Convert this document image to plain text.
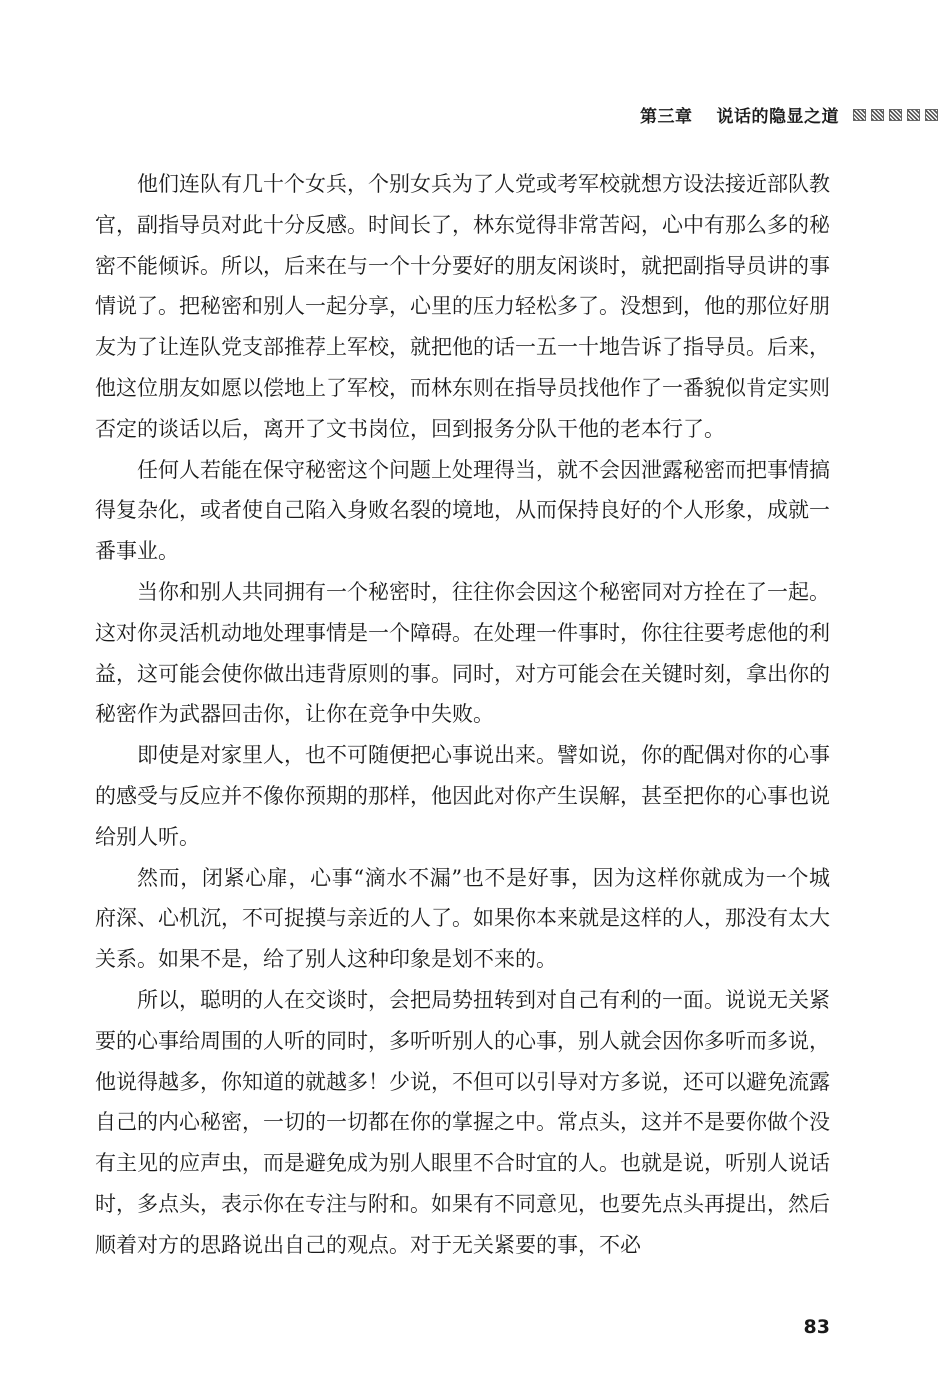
第三章 说话的隐显之道

他们连队有几十个女兵，个别女兵为了人党或考军校就想方设法接近部队教官，副指导员对此十分反感。时间长了，林东觉得非常苦闷，心中有那么多的秘密不能倾诉。所以，后来在与一个十分要好的朋友闲谈时，就把副指导员讲的事情说了。把秘密和别人一起分享，心里的压力轻松多了。没想到，他的那位好朋友为了让连队党支部推荐上军校，就把他的话一五一十地告诉了指导员。后来，他这位朋友如愿以偿地上了军校，而林东则在指导员找他作了一番貌似肯定实则否定的谈话以后，离开了文书岗位，回到报务分队干他的老本行了。

任何人若能在保守秘密这个问题上处理得当，就不会因泄露秘密而把事情搞得复杂化，或者使自己陷入身败名裂的境地，从而保持良好的个人形象，成就一番事业。

当你和别人共同拥有一个秘密时，往往你会因这个秘密同对方拴在了一起。这对你灵活机动地处理事情是一个障碍。在处理一件事时，你往往要考虑他的利益，这可能会使你做出违背原则的事。同时，对方可能会在关键时刻，拿出你的秘密作为武器回击你，让你在竞争中失败。

即使是对家里人，也不可随便把心事说出来。譬如说，你的配偶对你的心事的感受与反应并不像你预期的那样，他因此对你产生误解，甚至把你的心事也说给别人听。

然而，闭紧心扉，心事“滴水不漏”也不是好事，因为这样你就成为一个城府深、心机沉，不可捉摸与亲近的人了。如果你本来就是这样的人，那没有太大关系。如果不是，给了别人这种印象是划不来的。

所以，聪明的人在交谈时，会把局势扭转到对自己有利的一面。说说无关紧要的心事给周围的人听的同时，多听听别人的心事，别人就会因你多听而多说，他说得越多，你知道的就越多！少说，不但可以引导对方多说，还可以避免流露自己的内心秘密，一切的一切都在你的掌握之中。常点头，这并不是要你做个没有主见的应声虫，而是避免成为别人眼里不合时宜的人。也就是说，听别人说话时，多点头，表示你在专注与附和。如果有不同意见，也要先点头再提出，然后顺着对方的思路说出自己的观点。对于无关紧要的事，不必

83
